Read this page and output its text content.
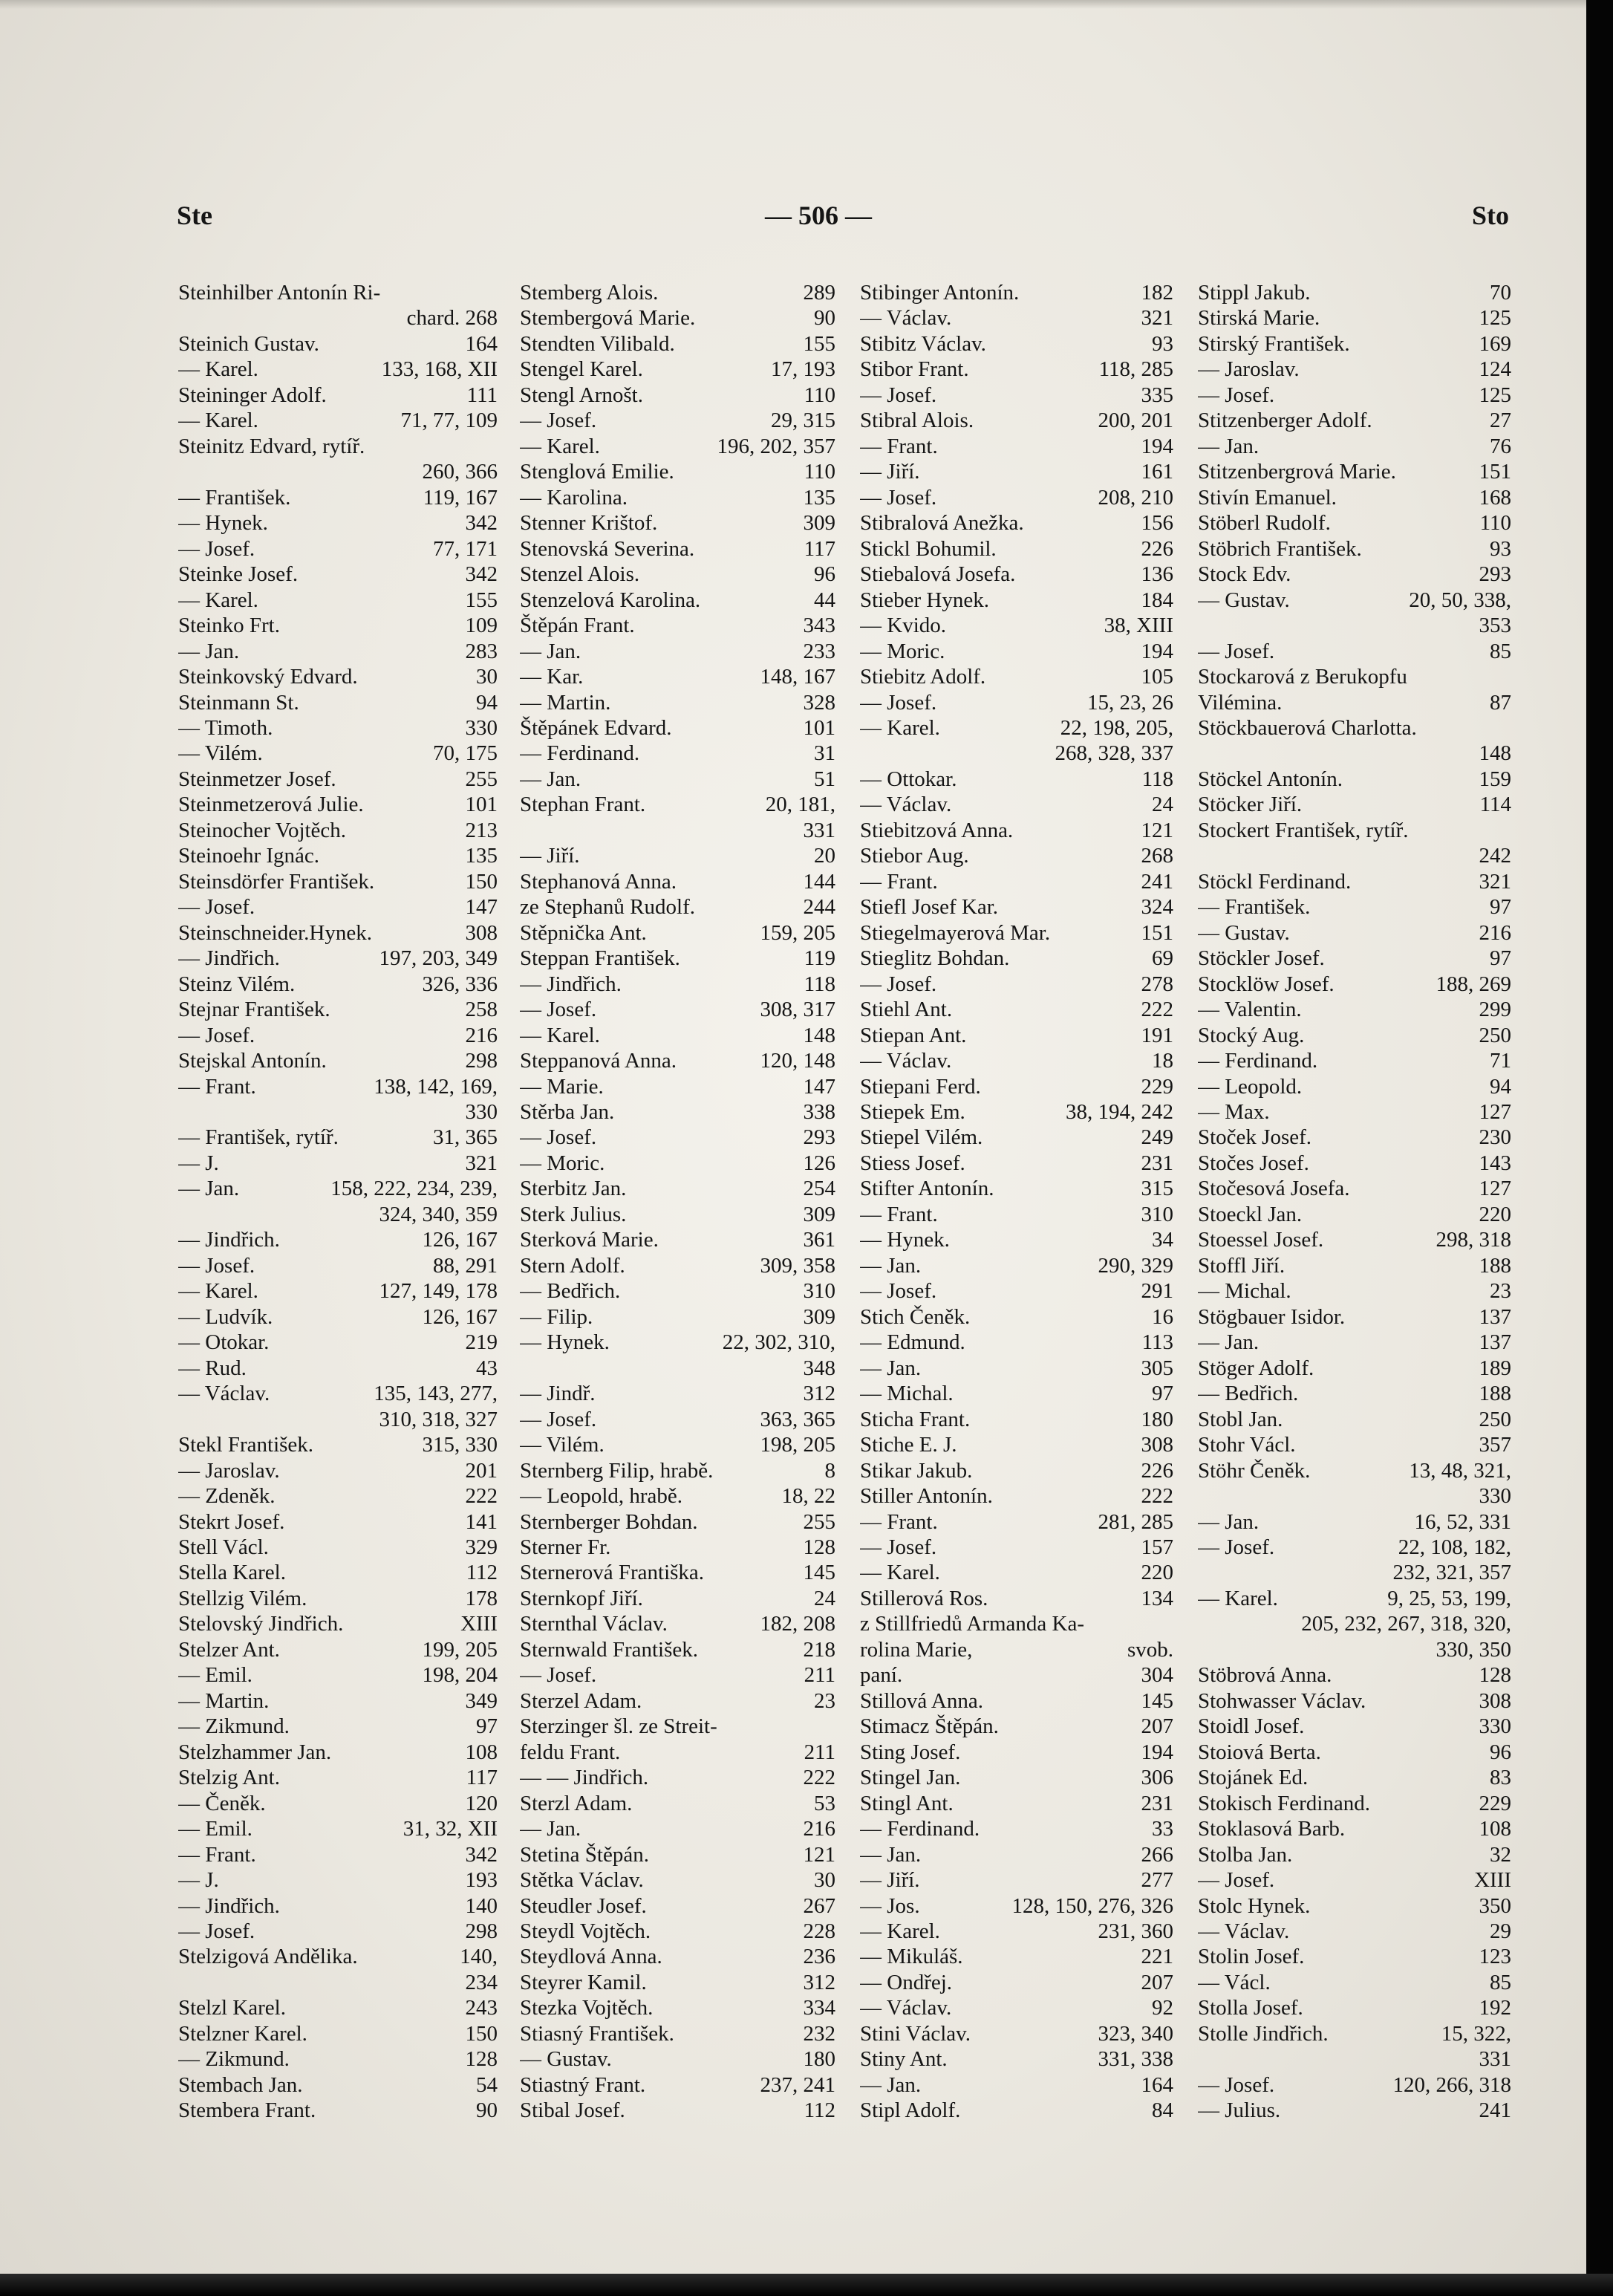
Ste	— 506 —	Sto
Steinhilber Antonín Ri-
chard. 268
Steinich Gustav.	164
— Karel.	133, 168, XII
Steininger Adolf.	111
— Karel.	71, 77, 109
Steinitz Edvard, rytíř.
260, 366
— František.	119, 167
— Hynek.	342
— Josef.	77, 171
Steinke Josef.	342
— Karel.	155
Steinko Frt.	109
— Jan.	283
Steinkovský Edvard.	30
Steinmann St.	94
— Timoth.	330
— Vilém.	70, 175
Steinmetzer Josef.	255
Steinmetzerová Julie.	101
Steinocher Vojtěch.	213
Steinoehr Ignác.	135
Steinsdörfer František.	150
— Josef.	147
Steinschneider.Hynek.	308
— Jindřich.	197, 203, 349
Steinz Vilém.	326, 336
Stejnar František.	258
— Josef.	216
Stejskal Antonín.	298
— Frant.	138, 142, 169,
330
— František, rytíř.	31, 365
— J.	321
— Jan.	158, 222, 234, 239,
324, 340, 359
— Jindřich.	126, 167
— Josef.	88, 291
— Karel.	127, 149, 178
— Ludvík.	126, 167
— Otokar.	219
— Rud.	43
— Václav.	135, 143, 277,
310, 318, 327
Stekl František.	315, 330
— Jaroslav.	201
— Zdeněk.	222
Stekrt Josef.	141
Stell Václ.	329
Stella Karel.	112
Stellzig Vilém.	178
Stelovský Jindřich.	XIII
Stelzer Ant.	199, 205
— Emil.	198, 204
— Martin.	349
— Zikmund.	97
Stelzhammer Jan.	108
Stelzig Ant.	117
— Čeněk.	120
— Emil.	31, 32, XII
— Frant.	342
— J.	193
— Jindřich.	140
— Josef.	298
Stelzigová Andělika.	140,
234
Stelzl Karel.	243
Stelzner Karel.	150
— Zikmund.	128
Stembach Jan.	54
Stembera Frant.	90
Stemberg Alois.	289
Stembergová Marie.	90
Stendten Vilibald.	155
Stengel Karel.	17, 193
Stengl Arnošt.	110
— Josef.	29, 315
— Karel.	196, 202, 357
Stenglová Emilie.	110
— Karolina.	135
Stenner Krištof.	309
Stenovská Severina.	117
Stenzel Alois.	96
Stenzelová Karolina.	44
Štěpán Frant.	343
— Jan.	233
— Kar.	148, 167
— Martin.	328
Štěpánek Edvard.	101
— Ferdinand.	31
— Jan.	51
Stephan Frant.	20, 181,
331
— Jiří.	20
Stephanová Anna.	144
ze Stephanů Rudolf.	244
Stěpnička Ant.	159, 205
Steppan František.	119
— Jindřich.	118
— Josef.	308, 317
— Karel.	148
Steppanová Anna.	120, 148
— Marie.	147
Stěrba Jan.	338
— Josef.	293
— Moric.	126
Sterbitz Jan.	254
Sterk Julius.	309
Sterková Marie.	361
Stern Adolf.	309, 358
— Bedřich.	310
— Filip.	309
— Hynek.	22, 302, 310,
348
— Jindř.	312
— Josef.	363, 365
— Vilém.	198, 205
Sternberg Filip, hrabě.	8
— Leopold, hrabě.	18, 22
Sternberger Bohdan.	255
Sterner Fr.	128
Sternerová Františka.	145
Sternkopf Jiří.	24
Sternthal Václav.	182, 208
Sternwald František.	218
— Josef.	211
Sterzel Adam.	23
Sterzinger šl. ze Streit-
feldu Frant.	211
— — Jindřich.	222
Sterzl Adam.	53
— Jan.	216
Stetina Štěpán.	121
Stětka Václav.	30
Steudler Josef.	267
Steydl Vojtěch.	228
Steydlová Anna.	236
Steyrer Kamil.	312
Stezka Vojtěch.	334
Stiasný František.	232
— Gustav.	180
Stiastný Frant.	237, 241
Stibal Josef.	112
Stibinger Antonín.	182
— Václav.	321
Stibitz Václav.	93
Stibor Frant.	118, 285
— Josef.	335
Stibral Alois.	200, 201
— Frant.	194
— Jiří.	161
— Josef.	208, 210
Stibralová Anežka.	156
Stickl Bohumil.	226
Stiebalová Josefa.	136
Stieber Hynek.	184
— Kvido.	38, XIII
— Moric.	194
Stiebitz Adolf.	105
— Josef.	15, 23, 26
— Karel.	22, 198, 205,
268, 328, 337
— Ottokar.	118
— Václav.	24
Stiebitzová Anna.	121
Stiebor Aug.	268
— Frant.	241
Stiefl Josef Kar.	324
Stiegelmayerová Mar.	151
Stieglitz Bohdan.	69
— Josef.	278
Stiehl Ant.	222
Stiepan Ant.	191
— Václav.	18
Stiepani Ferd.	229
Stiepek Em.	38, 194, 242
Stiepel Vilém.	249
Stiess Josef.	231
Stifter Antonín.	315
— Frant.	310
— Hynek.	34
— Jan.	290, 329
— Josef.	291
Stich Čeněk.	16
— Edmund.	113
— Jan.	305
— Michal.	97
Sticha Frant.	180
Stiche E. J.	308
Stikar Jakub.	226
Stiller Antonín.	222
— Frant.	281, 285
— Josef.	157
— Karel.	220
Stillerová Ros.	134
z Stillfriedů Armanda Ka-
rolina Marie,	svob.
paní.	304
Stillová Anna.	145
Stimacz Štěpán.	207
Sting Josef.	194
Stingel Jan.	306
Stingl Ant.	231
— Ferdinand.	33
— Jan.	266
— Jiří.	277
— Jos.	128, 150, 276, 326
— Karel.	231, 360
— Mikuláš.	221
— Ondřej.	207
— Václav.	92
Stini Václav.	323, 340
Stiny Ant.	331, 338
— Jan.	164
Stipl Adolf.	84
Stippl Jakub.	70
Stirská Marie.	125
Stirský František.	169
— Jaroslav.	124
— Josef.	125
Stitzenberger Adolf.	27
— Jan.	76
Stitzenbergrová Marie.	151
Stivín Emanuel.	168
Stöberl Rudolf.	110
Stöbrich František.	93
Stock Edv.	293
— Gustav.	20, 50, 338,
353
— Josef.	85
Stockarová z Berukopfu
Vilémina.	87
Stöckbauerová Charlotta.
148
Stöckel Antonín.	159
Stöcker Jiří.	114
Stockert František, rytíř.
242
Stöckl Ferdinand.	321
— František.	97
— Gustav.	216
Stöckler Josef.	97
Stocklöw Josef.	188, 269
— Valentin.	299
Stocký Aug.	250
— Ferdinand.	71
— Leopold.	94
— Max.	127
Stoček Josef.	230
Stočes Josef.	143
Stočesová Josefa.	127
Stoeckl Jan.	220
Stoessel Josef.	298, 318
Stoffl Jiří.	188
— Michal.	23
Stögbauer Isidor.	137
— Jan.	137
Stöger Adolf.	189
— Bedřich.	188
Stobl Jan.	250
Stohr Václ.	357
Stöhr Čeněk.	13, 48, 321,
330
— Jan.	16, 52, 331
— Josef.	22, 108, 182,
232, 321, 357
— Karel.	9, 25, 53, 199,
205, 232, 267, 318, 320,
330, 350
Stöbrová Anna.	128
Stohwasser Václav.	308
Stoidl Josef.	330
Stoiová Berta.	96
Stojánek Ed.	83
Stokisch Ferdinand.	229
Stoklasová Barb.	108
Stolba Jan.	32
— Josef.	XIII
Stolc Hynek.	350
— Václav.	29
Stolin Josef.	123
— Václ.	85
Stolla Josef.	192
Stolle Jindřich.	15, 322,
331
— Josef.	120, 266, 318
— Julius.	241
